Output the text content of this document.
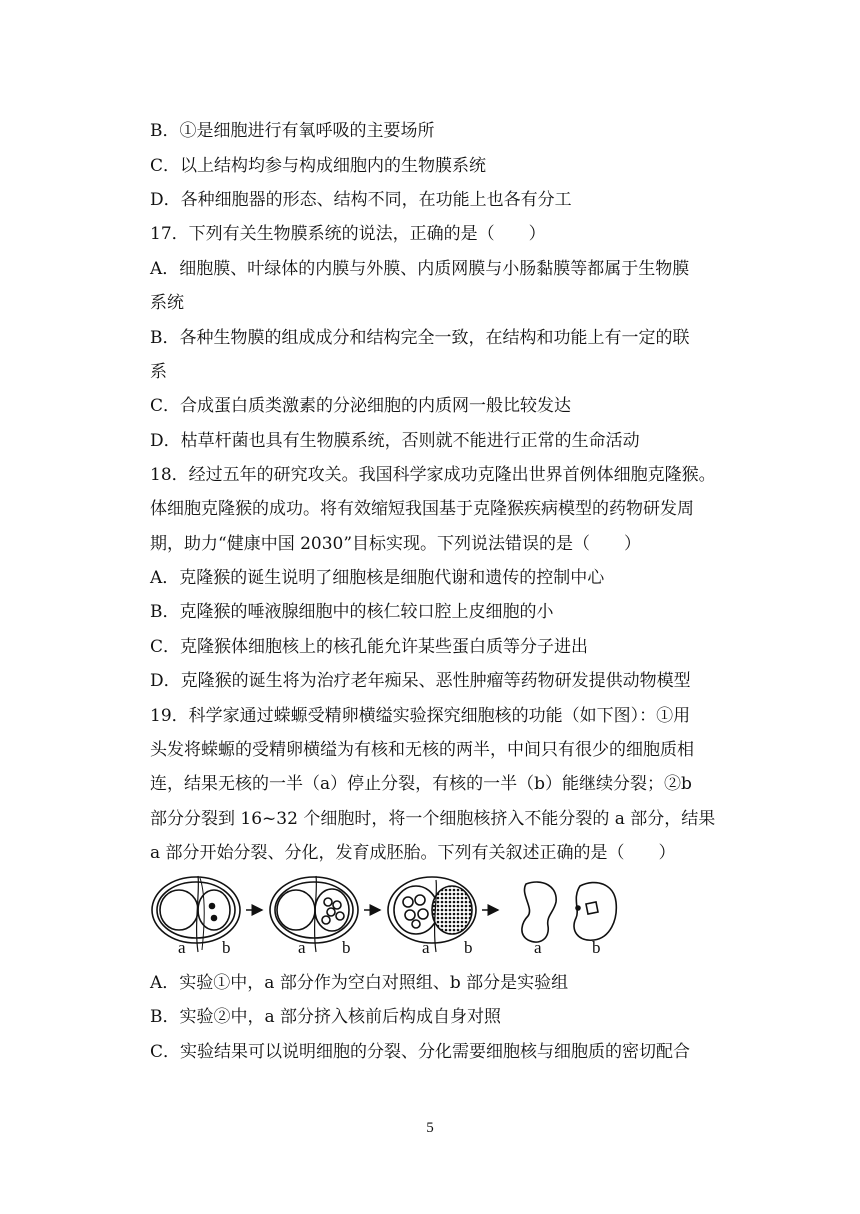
B．①是细胞进行有氧呼吸的主要场所
C．以上结构均参与构成细胞内的生物膜系统
D．各种细胞器的形态、结构不同，在功能上也各有分工
17．下列有关生物膜系统的说法，正确的是（　　）
A．细胞膜、叶绿体的内膜与外膜、内质网膜与小肠黏膜等都属于生物膜
系统
B．各种生物膜的组成成分和结构完全一致，在结构和功能上有一定的联
系
C．合成蛋白质类激素的分泌细胞的内质网一般比较发达
D．枯草杆菌也具有生物膜系统，否则就不能进行正常的生命活动
18．经过五年的研究攻关。我国科学家成功克隆出世界首例体细胞克隆猴。
体细胞克隆猴的成功。将有效缩短我国基于克隆猴疾病模型的药物研发周
期，助力“健康中国 2030”目标实现。下列说法错误的是（　　）
A．克隆猴的诞生说明了细胞核是细胞代谢和遗传的控制中心
B．克隆猴的唾液腺细胞中的核仁较口腔上皮细胞的小
C．克隆猴体细胞核上的核孔能允许某些蛋白质等分子进出
D．克隆猴的诞生将为治疗老年痴呆、恶性肿瘤等药物研发提供动物模型
19．科学家通过蝾螈受精卵横缢实验探究细胞核的功能（如下图）：①用
头发将蝾螈的受精卵横缢为有核和无核的两半，中间只有很少的细胞质相
连，结果无核的一半（a）停止分裂，有核的一半（b）能继续分裂；②b
部分分裂到 16~32 个细胞时，将一个细胞核挤入不能分裂的 a 部分，结果
a 部分开始分裂、分化，发育成胚胎。下列有关叙述正确的是（　　）
a b	a b	a b	a	b
A．实验①中，a 部分作为空白对照组、b 部分是实验组
B．实验②中，a 部分挤入核前后构成自身对照
C．实验结果可以说明细胞的分裂、分化需要细胞核与细胞质的密切配合
5
